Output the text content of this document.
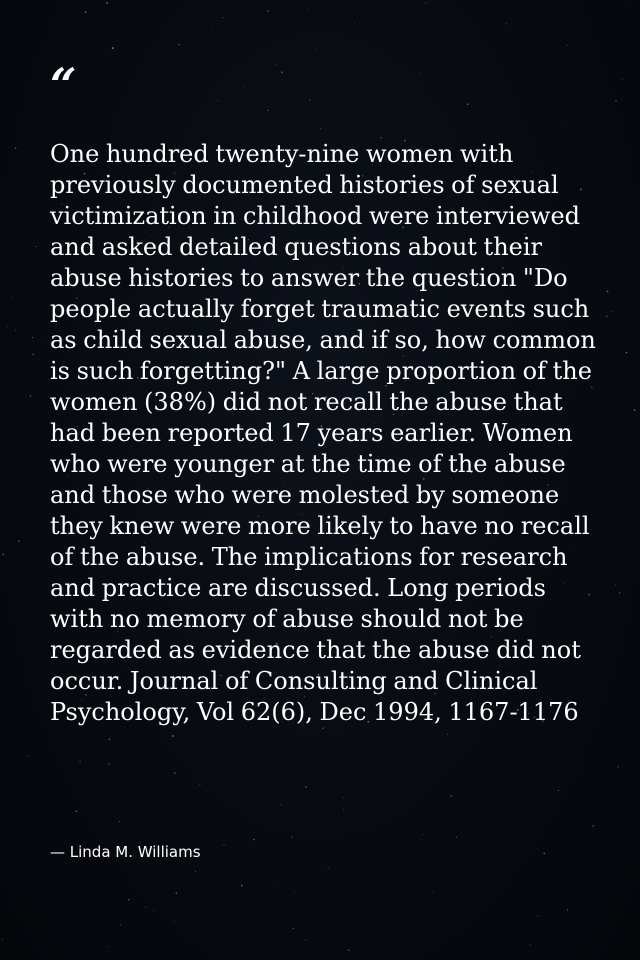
“

One hundred twenty-nine women with previously documented histories of sexual victimization in childhood were interviewed and asked detailed questions about their abuse histories to answer the question "Do people actually forget traumatic events such as child sexual abuse, and if so, how common is such forgetting?" A large proportion of the women (38%) did not recall the abuse that had been reported 17 years earlier. Women who were younger at the time of the abuse and those who were molested by someone they knew were more likely to have no recall of the abuse. The implications for research and practice are discussed. Long periods with no memory of abuse should not be regarded as evidence that the abuse did not occur. Journal of Consulting and Clinical Psychology, Vol 62(6), Dec 1994, 1167-1176

— Linda M. Williams
